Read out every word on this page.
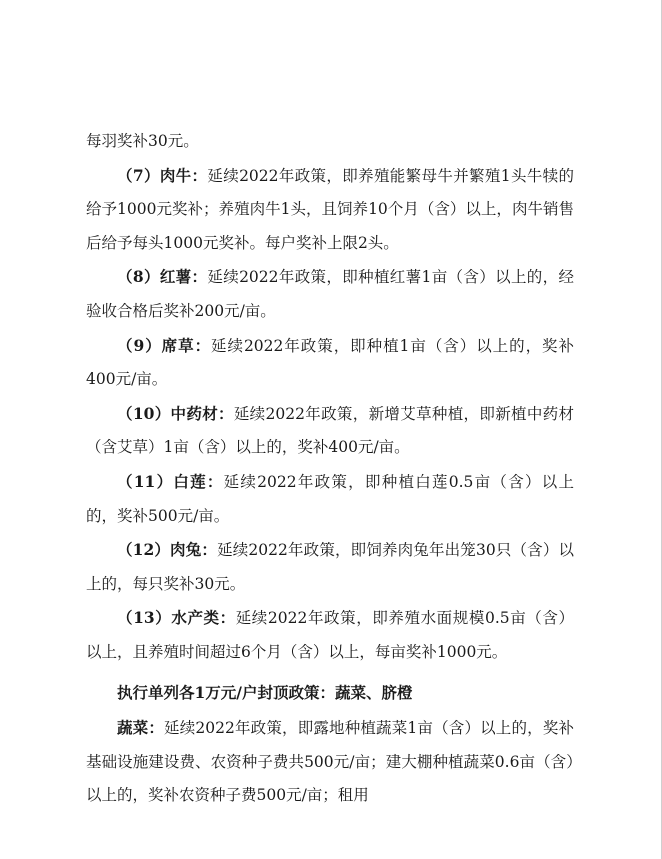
每羽奖补30元。

（7）肉牛：延续2022年政策，即养殖能繁母牛并繁殖1头牛犊的给予1000元奖补；养殖肉牛1头，且饲养10个月（含）以上，肉牛销售后给予每头1000元奖补。每户奖补上限2头。

（8）红薯：延续2022年政策，即种植红薯1亩（含）以上的，经验收合格后奖补200元/亩。

（9）席草：延续2022年政策，即种植1亩（含）以上的，奖补400元/亩。

（10）中药材：延续2022年政策，新增艾草种植，即新植中药材（含艾草）1亩（含）以上的，奖补400元/亩。

（11）白莲：延续2022年政策，即种植白莲0.5亩（含）以上的，奖补500元/亩。

（12）肉兔：延续2022年政策，即饲养肉兔年出笼30只（含）以上的，每只奖补30元。

（13）水产类：延续2022年政策，即养殖水面规模0.5亩（含）以上，且养殖时间超过6个月（含）以上，每亩奖补1000元。

执行单列各1万元/户封顶政策：蔬菜、脐橙

蔬菜：延续2022年政策，即露地种植蔬菜1亩（含）以上的，奖补基础设施建设费、农资种子费共500元/亩；建大棚种植蔬菜0.6亩（含）以上的，奖补农资种子费500元/亩；租用
